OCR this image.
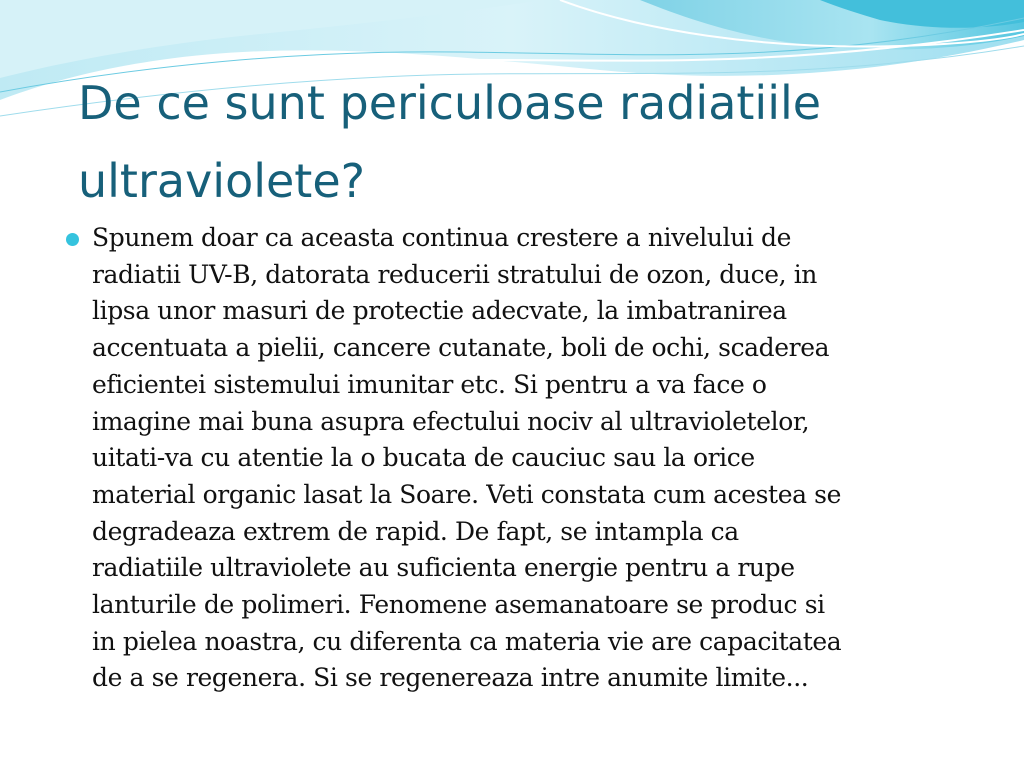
De ce sunt periculoase radiatiile
ultraviolete?

Spunem doar ca aceasta continua crestere a nivelului de
radiatii UV-B, datorata reducerii stratului de ozon, duce, in
lipsa unor masuri de protectie adecvate, la imbatranirea
accentuata a pielii, cancere cutanate, boli de ochi, scaderea
eficientei sistemului imunitar etc. Si pentru a va face o
imagine mai buna asupra efectului nociv al ultravioletelor,
uitati-va cu atentie la o bucata de cauciuc sau la orice
material organic lasat la Soare. Veti constata cum acestea se
degradeaza extrem de rapid. De fapt, se intampla ca
radiatiile ultraviolete au suficienta energie pentru a rupe
lanturile de polimeri. Fenomene asemanatoare se produc si
in pielea noastra, cu diferenta ca materia vie are capacitatea
de a se regenera. Si se regenereaza intre anumite limite...
